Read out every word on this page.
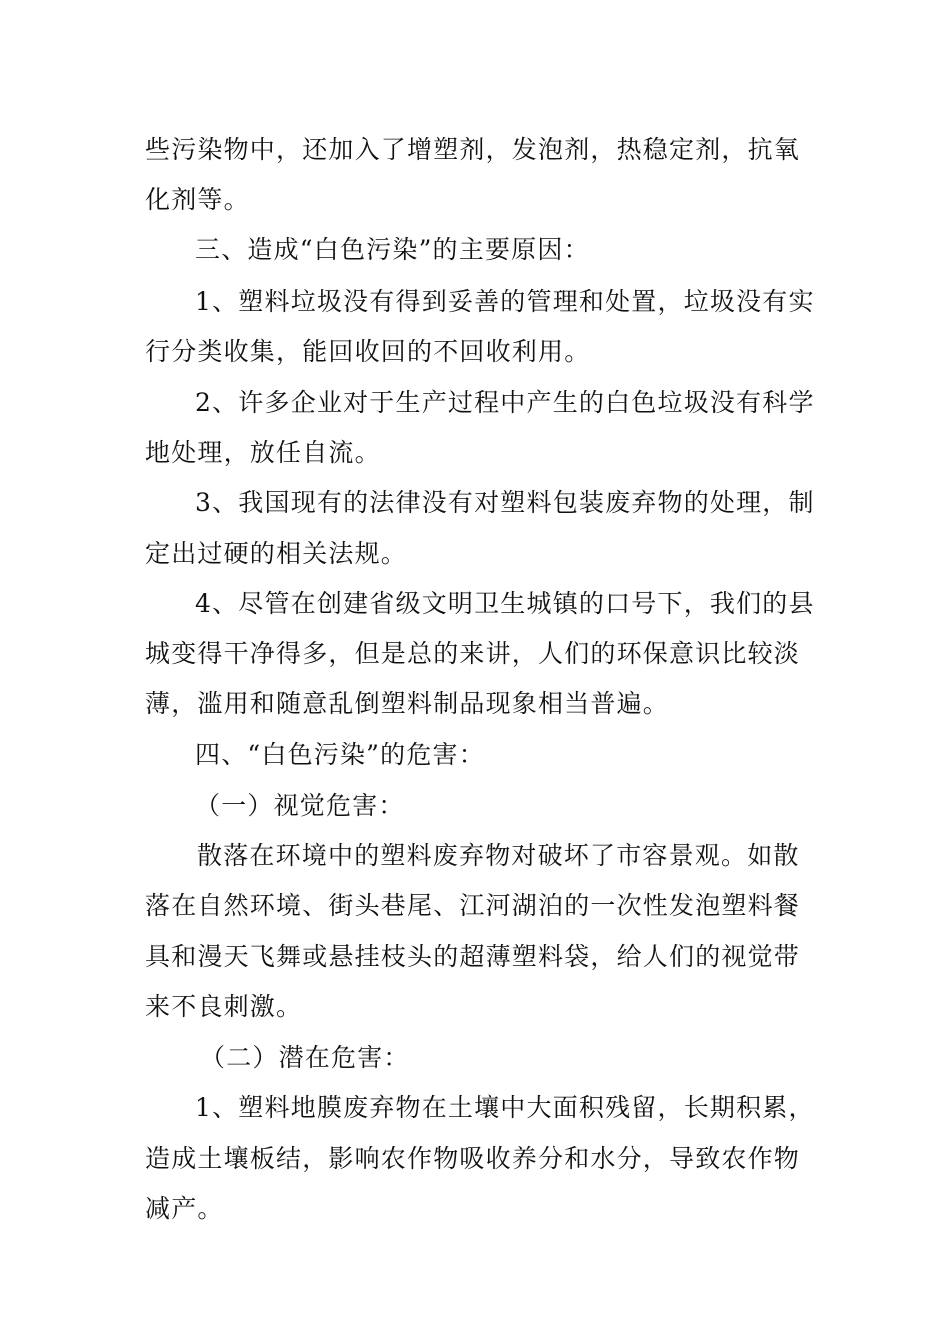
些污染物中，还加入了增塑剂，发泡剂，热稳定剂，抗氧
化剂等。
三、造成“白色污染”的主要原因：
1、塑料垃圾没有得到妥善的管理和处置，垃圾没有实
行分类收集，能回收回的不回收利用。
2、许多企业对于生产过程中产生的白色垃圾没有科学
地处理，放任自流。
3、我国现有的法律没有对塑料包装废弃物的处理，制
定出过硬的相关法规。
4、尽管在创建省级文明卫生城镇的口号下，我们的县
城变得干净得多，但是总的来讲，人们的环保意识比较淡
薄，滥用和随意乱倒塑料制品现象相当普遍。
四、“白色污染”的危害：
（一）视觉危害：
散落在环境中的塑料废弃物对破坏了市容景观。如散
落在自然环境、街头巷尾、江河湖泊的一次性发泡塑料餐
具和漫天飞舞或悬挂枝头的超薄塑料袋，给人们的视觉带
来不良刺激。
（二）潜在危害：
1、塑料地膜废弃物在土壤中大面积残留，长期积累，
造成土壤板结，影响农作物吸收养分和水分，导致农作物
减产。
